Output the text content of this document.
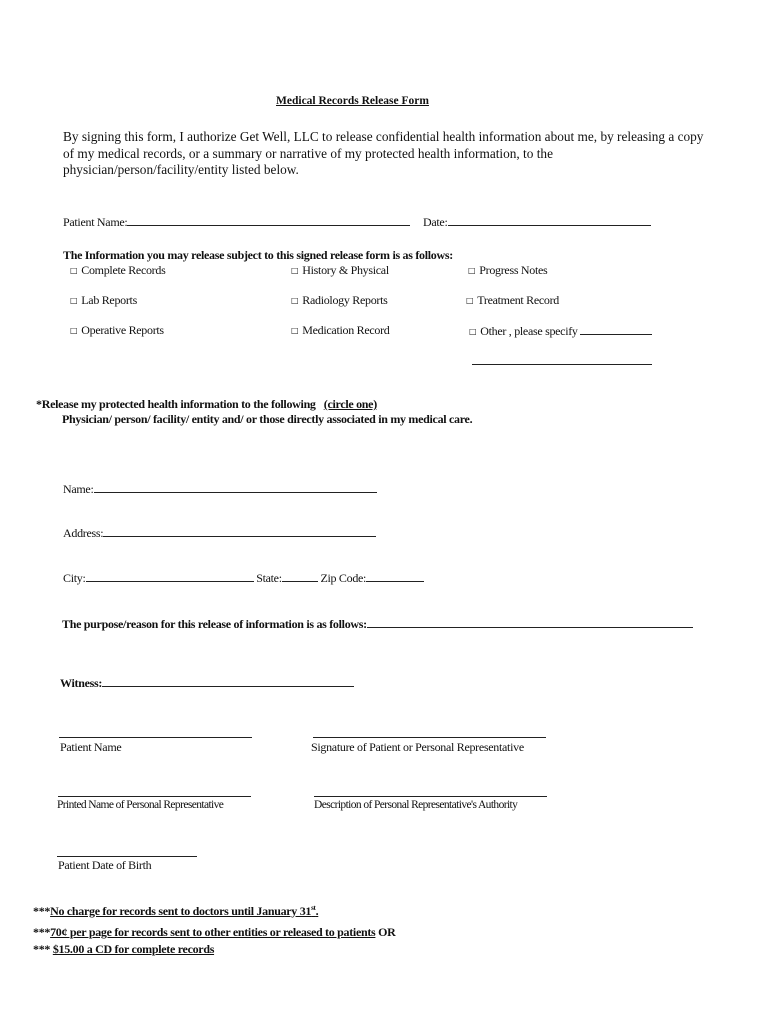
Medical Records Release Form
By signing this form, I authorize Get Well, LLC to release confidential health information about me, by releasing a copy of my medical records, or a summary or narrative of my protected health information, to the physician/person/facility/entity listed below.
Patient Name:	Date:
The Information you may release subject to this signed release form is as follows:
□ Complete Records	□ History & Physical	□ Progress Notes
□ Lab Reports	□ Radiology Reports	□ Treatment Record
□ Operative Reports	□ Medication Record	□ Other , please specify
*Release my protected health information to the following (circle one)
Physician/ person/ facility/ entity and/ or those directly associated in my medical care.
Name:
Address:
City:	State:	Zip Code:
The purpose/reason for this release of information is as follows:
Witness:
Patient Name	Signature of Patient or Personal Representative
Printed Name of Personal Representative	Description of Personal Representative's Authority
Patient Date of Birth
***No charge for records sent to doctors until January 31st.
***70¢ per page for records sent to other entities or released to patients OR
*** $15.00 a CD for complete records
